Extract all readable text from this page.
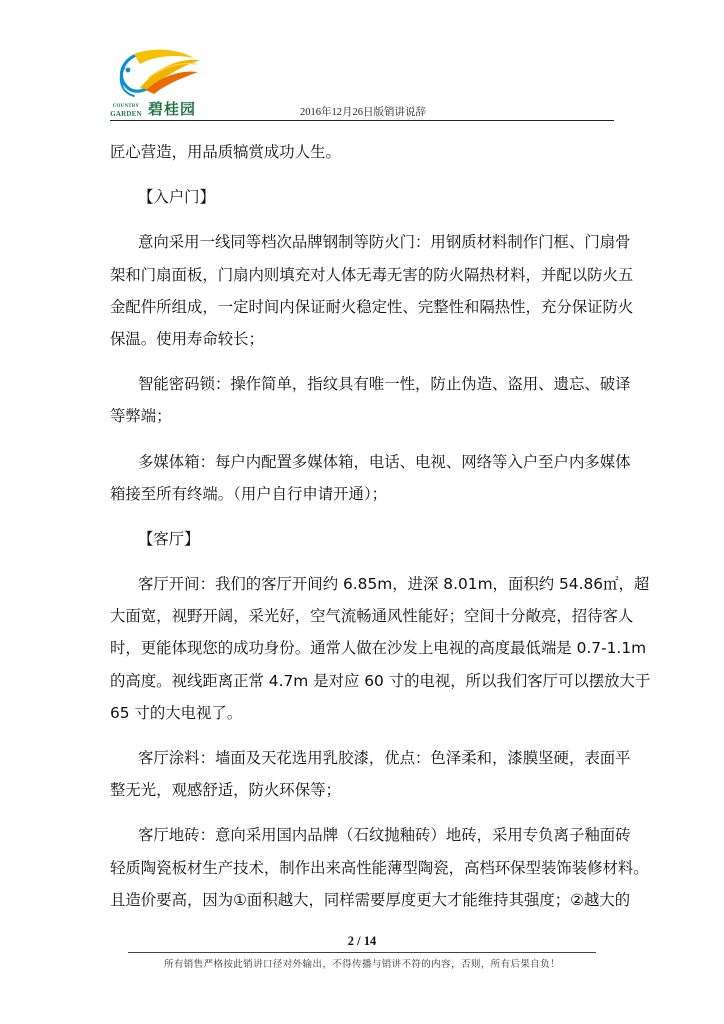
COUNTRY
GARDEN 碧桂园	2016年12月26日版销讲说辞

匠心营造，用品质犒赏成功人生。

【入户门】

意向采用一线同等档次品牌钢制等防火门：用钢质材料制作门框、门扇骨

架和门扇面板，门扇内则填充对人体无毒无害的防火隔热材料，并配以防火五

金配件所组成，一定时间内保证耐火稳定性、完整性和隔热性，充分保证防火

保温。使用寿命较长；

智能密码锁：操作简单，指纹具有唯一性，防止伪造、盗用、遗忘、破译

等弊端；

多媒体箱：每户内配置多媒体箱，电话、电视、网络等入户至户内多媒体

箱接至所有终端。（用户自行申请开通）；

【客厅】

客厅开间：我们的客厅开间约 6.85m，进深 8.01m，面积约 54.86㎡，超

大面宽，视野开阔，采光好，空气流畅通风性能好；空间十分敞亮，招待客人

时，更能体现您的成功身份。通常人做在沙发上电视的高度最低端是 0.7-1.1m

的高度。视线距离正常 4.7m 是对应 60 寸的电视，所以我们客厅可以摆放大于

65 寸的大电视了。

客厅涂料：墙面及天花选用乳胶漆，优点：色泽柔和，漆膜坚硬，表面平

整无光，观感舒适，防火环保等；

客厅地砖：意向采用国内品牌（石纹抛釉砖）地砖，采用专负离子釉面砖

轻质陶瓷板材生产技术，制作出来高性能薄型陶瓷，高档环保型装饰装修材料。

且造价要高，因为①面积越大，同样需要厚度更大才能维持其强度；②越大的

2 / 14
所有销售严格按此销讲口径对外输出，不得传播与销讲不符的内容，否则，所有后果自负！
